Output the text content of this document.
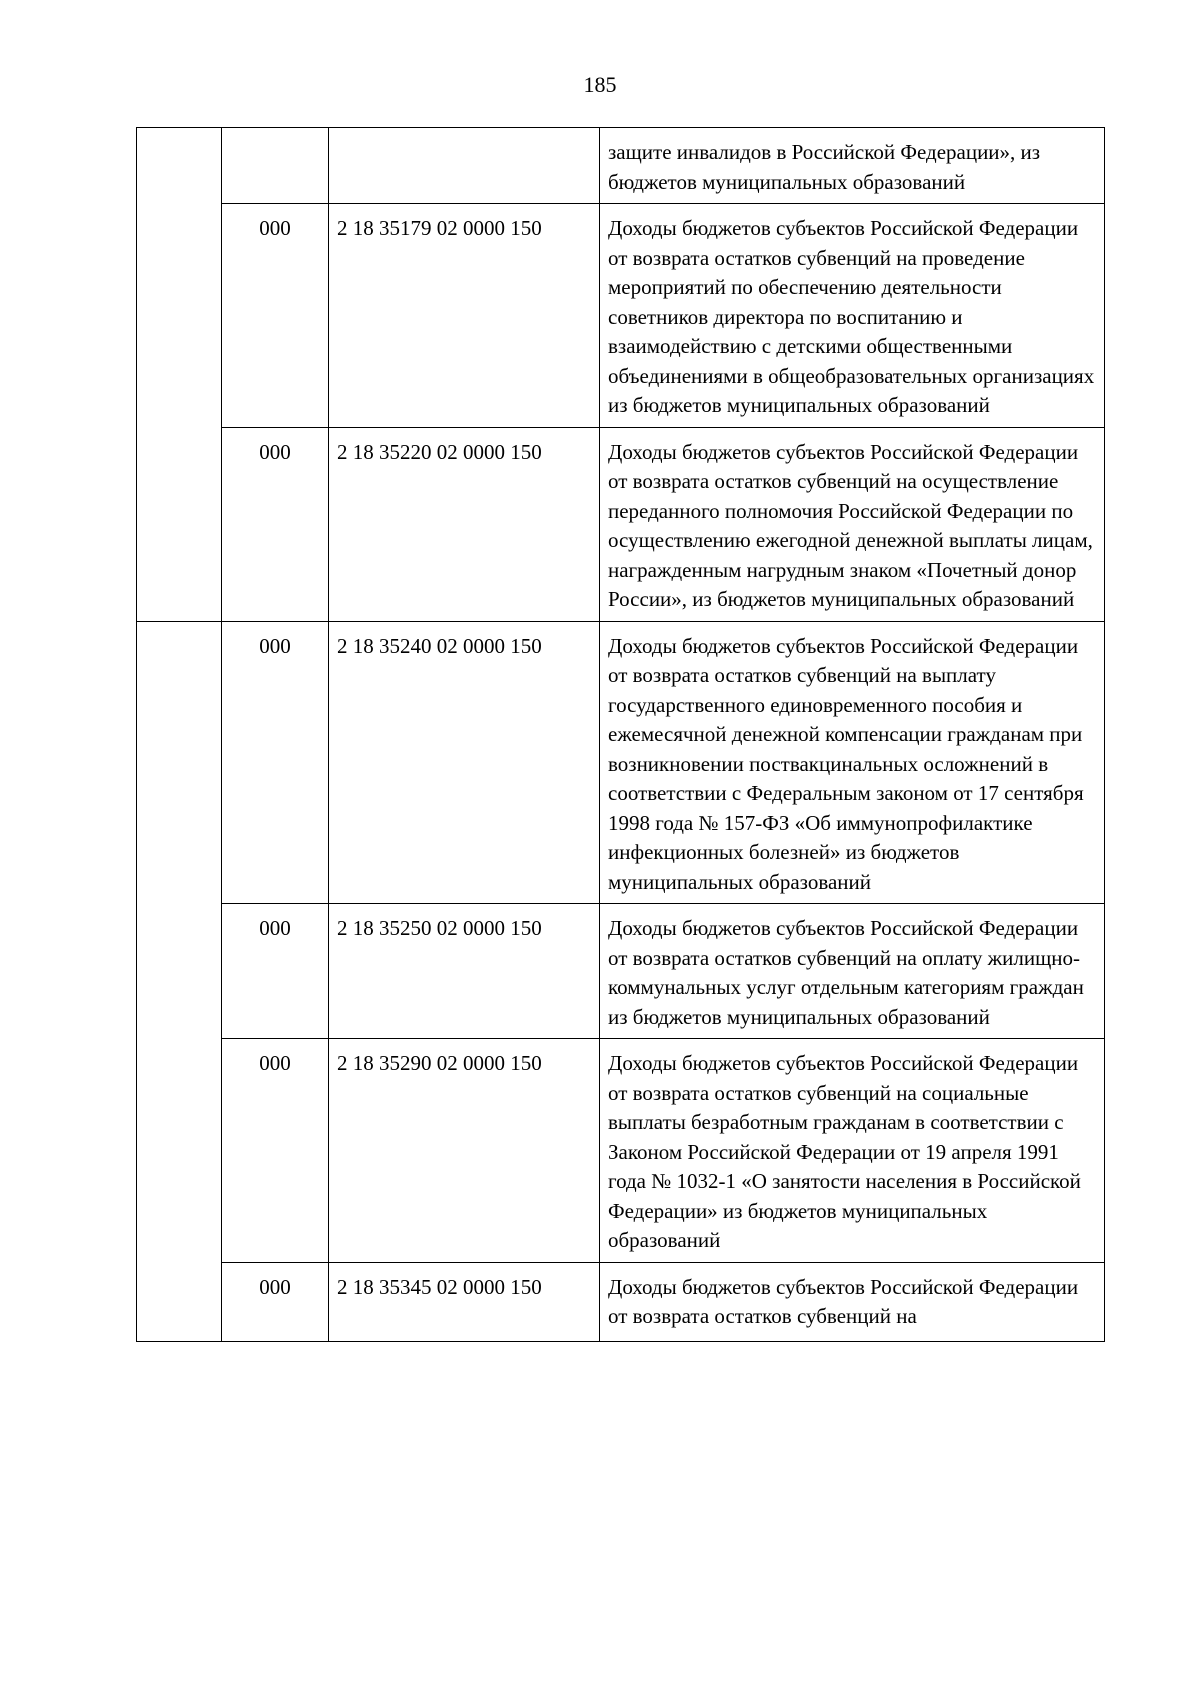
185
			защите инвалидов в Российской Федерации», из бюджетов муниципальных образований
	000	2 18 35179 02 0000 150	Доходы бюджетов субъектов Российской Федерации от возврата остатков субвенций на проведение мероприятий по обеспечению деятельности советников директора по воспитанию и взаимодействию с детскими общественными объединениями в общеобразовательных организациях из бюджетов муниципальных образований
	000	2 18 35220 02 0000 150	Доходы бюджетов субъектов Российской Федерации от возврата остатков субвенций на осуществление переданного полномочия Российской Федерации по осуществлению ежегодной денежной выплаты лицам, награжденным нагрудным знаком «Почетный донор России», из бюджетов муниципальных образований
	000	2 18 35240 02 0000 150	Доходы бюджетов субъектов Российской Федерации от возврата остатков субвенций на выплату государственного единовременного пособия и ежемесячной денежной компенсации гражданам при возникновении поствакцинальных осложнений в соответствии с Федеральным законом от 17 сентября 1998 года № 157-ФЗ «Об иммунопрофилактике инфекционных болезней» из бюджетов муниципальных образований
	000	2 18 35250 02 0000 150	Доходы бюджетов субъектов Российской Федерации от возврата остатков субвенций на оплату жилищно-коммунальных услуг отдельным категориям граждан из бюджетов муниципальных образований
	000	2 18 35290 02 0000 150	Доходы бюджетов субъектов Российской Федерации от возврата остатков субвенций на социальные выплаты безработным гражданам в соответствии с Законом Российской Федерации от 19 апреля 1991 года № 1032-1 «О занятости населения в Российской Федерации» из бюджетов муниципальных образований
	000	2 18 35345 02 0000 150	Доходы бюджетов субъектов Российской Федерации от возврата остатков субвенций на
